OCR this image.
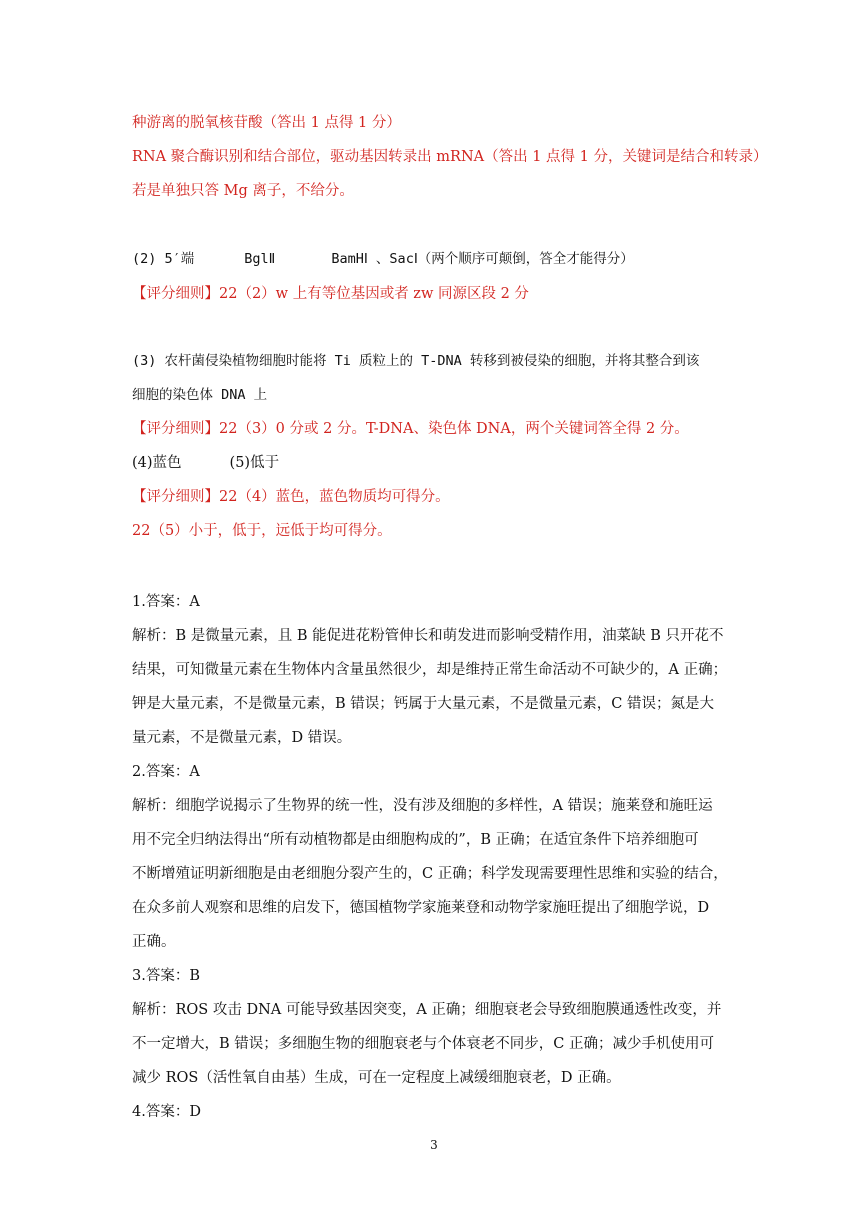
种游离的脱氧核苷酸（答出 1 点得 1 分）
RNA 聚合酶识别和结合部位，驱动基因转录出 mRNA（答出 1 点得 1 分，关键词是结合和转录）
若是单独只答 Mg 离子，不给分。
(2) 5′端	BglⅡ	BamHⅠ 、SacⅠ（两个顺序可颠倒，答全才能得分）
【评分细则】22（2）w 上有等位基因或者 zw 同源区段 2 分
(3) 农杆菌侵染植物细胞时能将 Ti 质粒上的 T-DNA 转移到被侵染的细胞，并将其整合到该
细胞的染色体 DNA 上
【评分细则】22（3）0 分或 2 分。T-DNA、染色体 DNA，两个关键词答全得 2 分。
(4)蓝色	(5)低于
【评分细则】22（4）蓝色，蓝色物质均可得分。
22（5）小于，低于，远低于均可得分。
1.答案：A
解析：B 是微量元素，且 B 能促进花粉管伸长和萌发进而影响受精作用，油菜缺 B 只开花不
结果，可知微量元素在生物体内含量虽然很少，却是维持正常生命活动不可缺少的，A 正确；
钾是大量元素，不是微量元素，B 错误；钙属于大量元素，不是微量元素，C 错误；氮是大
量元素，不是微量元素，D 错误。
2.答案：A
解析：细胞学说揭示了生物界的统一性，没有涉及细胞的多样性，A 错误；施莱登和施旺运
用不完全归纳法得出“所有动植物都是由细胞构成的”，B 正确；在适宜条件下培养细胞可
不断增殖证明新细胞是由老细胞分裂产生的，C 正确；科学发现需要理性思维和实验的结合，
在众多前人观察和思维的启发下，德国植物学家施莱登和动物学家施旺提出了细胞学说，D
正确。
3.答案：B
解析：ROS 攻击 DNA 可能导致基因突变，A 正确；细胞衰老会导致细胞膜通透性改变，并
不一定增大，B 错误；多细胞生物的细胞衰老与个体衰老不同步，C 正确；减少手机使用可
减少 ROS（活性氧自由基）生成，可在一定程度上减缓细胞衰老，D 正确。
4.答案：D
3
